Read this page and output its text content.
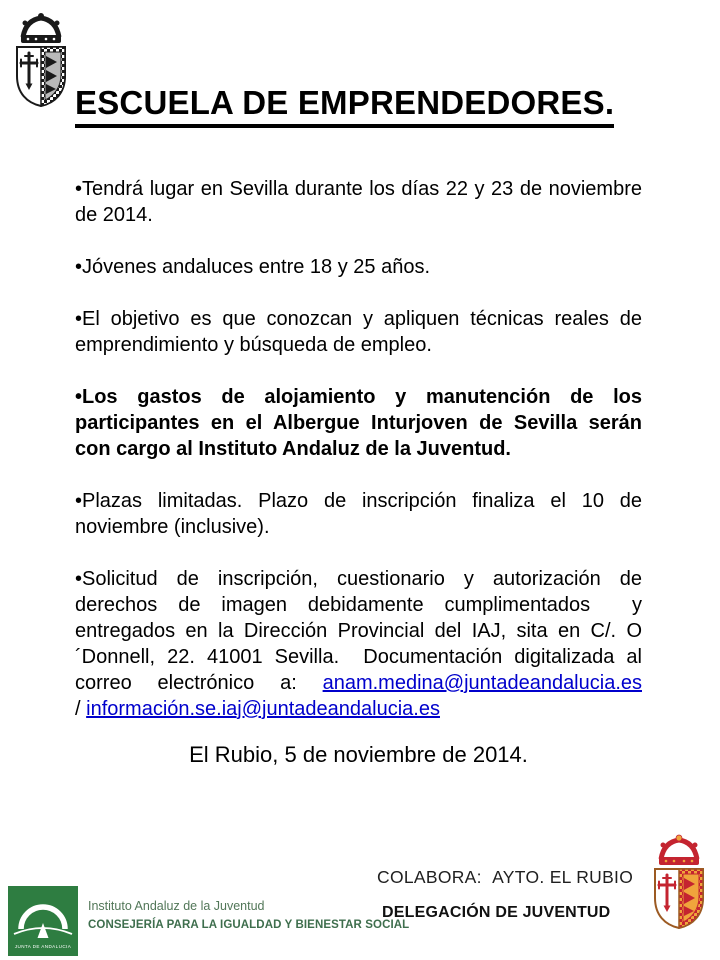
ESCUELA DE EMPRENDEDORES.

•Tendrá lugar en Sevilla durante los días 22 y 23 de noviembre de 2014.

•Jóvenes andaluces entre 18 y 25 años.

•El objetivo es que conozcan y apliquen técnicas reales de emprendimiento y búsqueda de empleo.

•Los gastos de alojamiento y manutención de los participantes en el Albergue Inturjoven de Sevilla serán con cargo al Instituto Andaluz de la Juventud.

•Plazas limitadas. Plazo de inscripción finaliza el 10 de noviembre (inclusive).

•Solicitud de inscripción, cuestionario y autorización de derechos de imagen debidamente cumplimentados  y entregados en la Dirección Provincial del IAJ, sita en C/. O´Donnell, 22. 41001 Sevilla.  Documentación digitalizada al correo electrónico a: anam.medina@juntadeandalucia.es / información.se.iaj@juntadeandalucia.es

El Rubio, 5 de noviembre de 2014.

COLABORA:  AYTO. EL RUBIO

DELEGACIÓN DE JUVENTUD

JUNTA DE ANDALUCIA

Instituto Andaluz de la Juventud

CONSEJERÍA PARA LA IGUALDAD Y BIENESTAR SOCIAL
